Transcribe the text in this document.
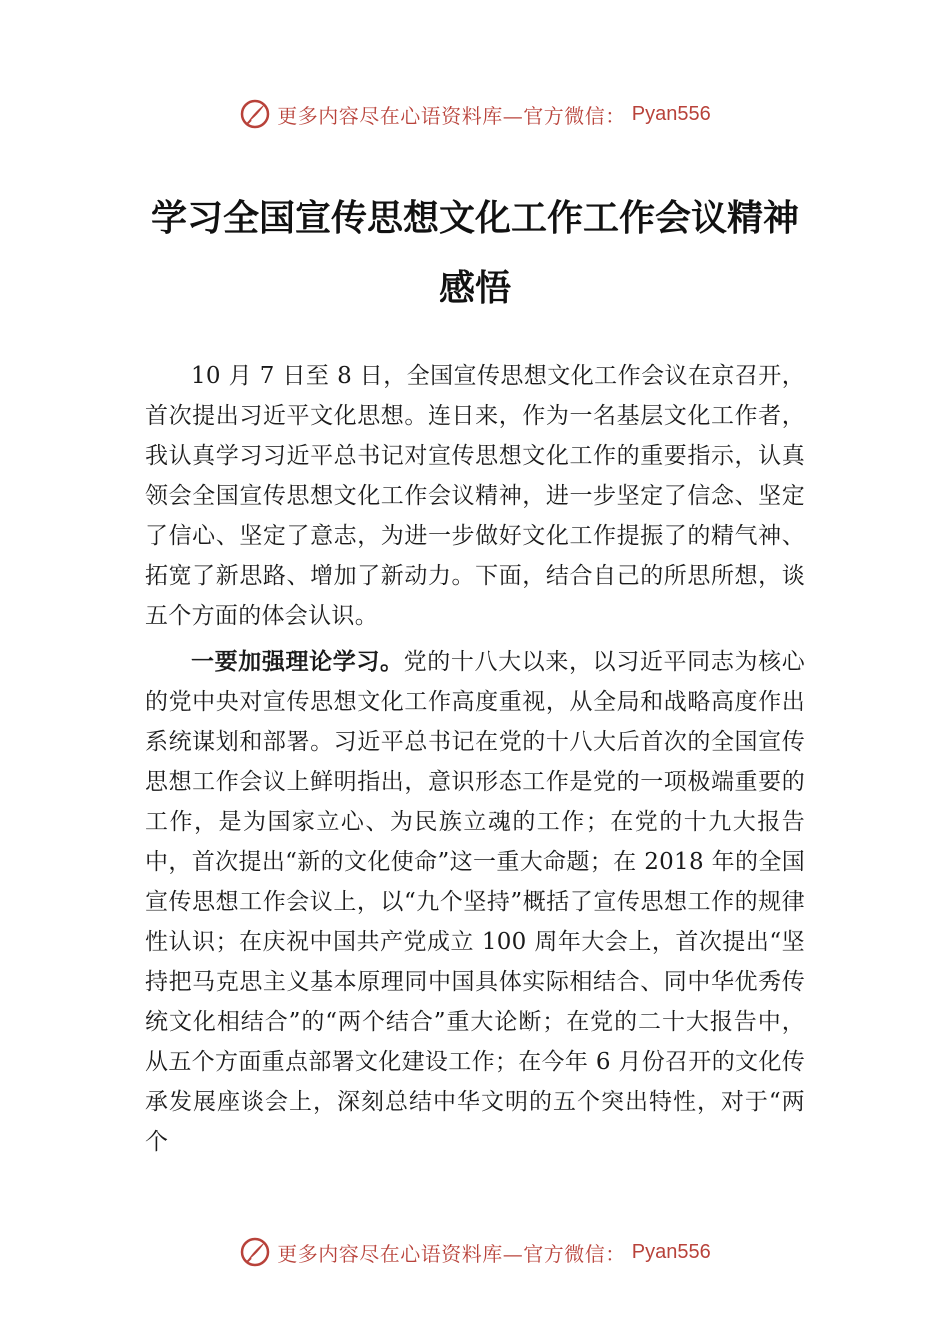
更多内容尽在心语资料库—官方微信： Pyan556
学习全国宣传思想文化工作工作会议精神
感悟

10 月 7 日至 8 日，全国宣传思想文化工作会议在京召开，首次提出习近平文化思想。连日来，作为一名基层文化工作者，我认真学习习近平总书记对宣传思想文化工作的重要指示，认真领会全国宣传思想文化工作会议精神，进一步坚定了信念、坚定了信心、坚定了意志，为进一步做好文化工作提振了的精气神、拓宽了新思路、增加了新动力。下面，结合自己的所思所想，谈五个方面的体会认识。

一要加强理论学习。党的十八大以来，以习近平同志为核心的党中央对宣传思想文化工作高度重视，从全局和战略高度作出系统谋划和部署。习近平总书记在党的十八大后首次的全国宣传思想工作会议上鲜明指出，意识形态工作是党的一项极端重要的工作，是为国家立心、为民族立魂的工作；在党的十九大报告中，首次提出“新的文化使命”这一重大命题；在 2018 年的全国宣传思想工作会议上，以“九个坚持”概括了宣传思想工作的规律性认识；在庆祝中国共产党成立 100 周年大会上，首次提出“坚持把马克思主义基本原理同中国具体实际相结合、同中华优秀传统文化相结合”的“两个结合”重大论断；在党的二十大报告中，从五个方面重点部署文化建设工作；在今年 6 月份召开的文化传承发展座谈会上，深刻总结中华文明的五个突出特性，对于“两个

更多内容尽在心语资料库—官方微信： Pyan556
